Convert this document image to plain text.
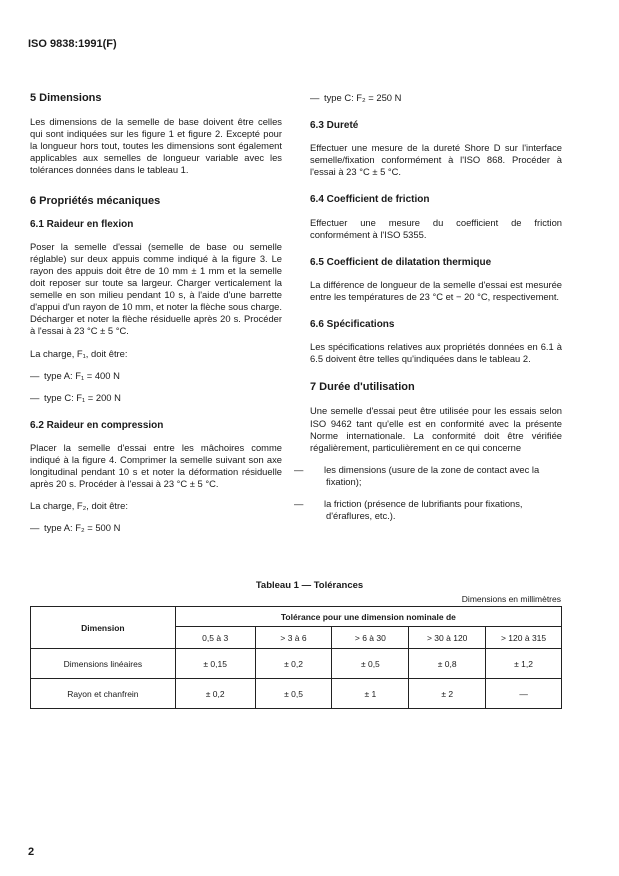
ISO 9838:1991(F)
5 Dimensions

Les dimensions de la semelle de base doivent être celles qui sont indiquées sur les figure 1 et figure 2. Excepté pour la longueur hors tout, toutes les dimensions sont également applicables aux semelles de longueur variable avec les tolérances données dans le tableau 1.

6 Propriétés mécaniques
6.1 Raideur en flexion

Poser la semelle d'essai (semelle de base ou semelle réglable) sur deux appuis comme indiqué à la figure 3. Le rayon des appuis doit être de 10 mm ± 1 mm et la semelle doit reposer sur toute sa largeur. Charger verticalement la semelle en son milieu pendant 10 s, à l'aide d'une barrette d'appui d'un rayon de 10 mm, et noter la flèche sous charge. Décharger et noter la flèche résiduelle après 20 s. Procéder à l'essai à 23 °C ± 5 °C.

La charge, F₁, doit être:

— type A: F₁ = 400 N
— type C: F₁ = 200 N
6.2 Raideur en compression

Placer la semelle d'essai entre les mâchoires comme indiqué à la figure 4. Comprimer la semelle suivant son axe longitudinal pendant 10 s et noter la déformation résiduelle après 20 s. Procéder à l'essai à 23 °C ± 5 °C.

La charge, F₂, doit être:

— type A: F₂ = 500 N
— type C: F₂ = 250 N
6.3 Dureté

Effectuer une mesure de la dureté Shore D sur l'interface semelle/fixation conformément à l'ISO 868. Procéder à l'essai à 23 °C ± 5 °C.

6.4 Coefficient de friction

Effectuer une mesure du coefficient de friction conformément à l'ISO 5355.

6.5 Coefficient de dilatation thermique

La différence de longueur de la semelle d'essai est mesurée entre les températures de 23 °C et − 20 °C, respectivement.

6.6 Spécifications

Les spécifications relatives aux propriétés données en 6.1 à 6.5 doivent être telles qu'indiquées dans le tableau 2.

7 Durée d'utilisation

Une semelle d'essai peut être utilisée pour les essais selon ISO 9462 tant qu'elle est en conformité avec la présente Norme internationale. La conformité doit être vérifiée régalièrement, particulièrement en ce qui concerne

— les dimensions (usure de la zone de contact avec la fixation);
— la friction (présence de lubrifiants pour fixations, d'éraflures, etc.).
Tableau 1 — Tolérances
Dimensions en millimètres
Dimension	Tolérance pour une dimension nominale de				
	0,5 à 3	> 3 à 6	> 6 à 30	> 30 à 120	> 120 à 315
Dimensions linéaires	± 0,15	± 0,2	± 0,5	± 0,8	± 1,2
Rayon et chanfrein	± 0,2	± 0,5	± 1	± 2	—
2
